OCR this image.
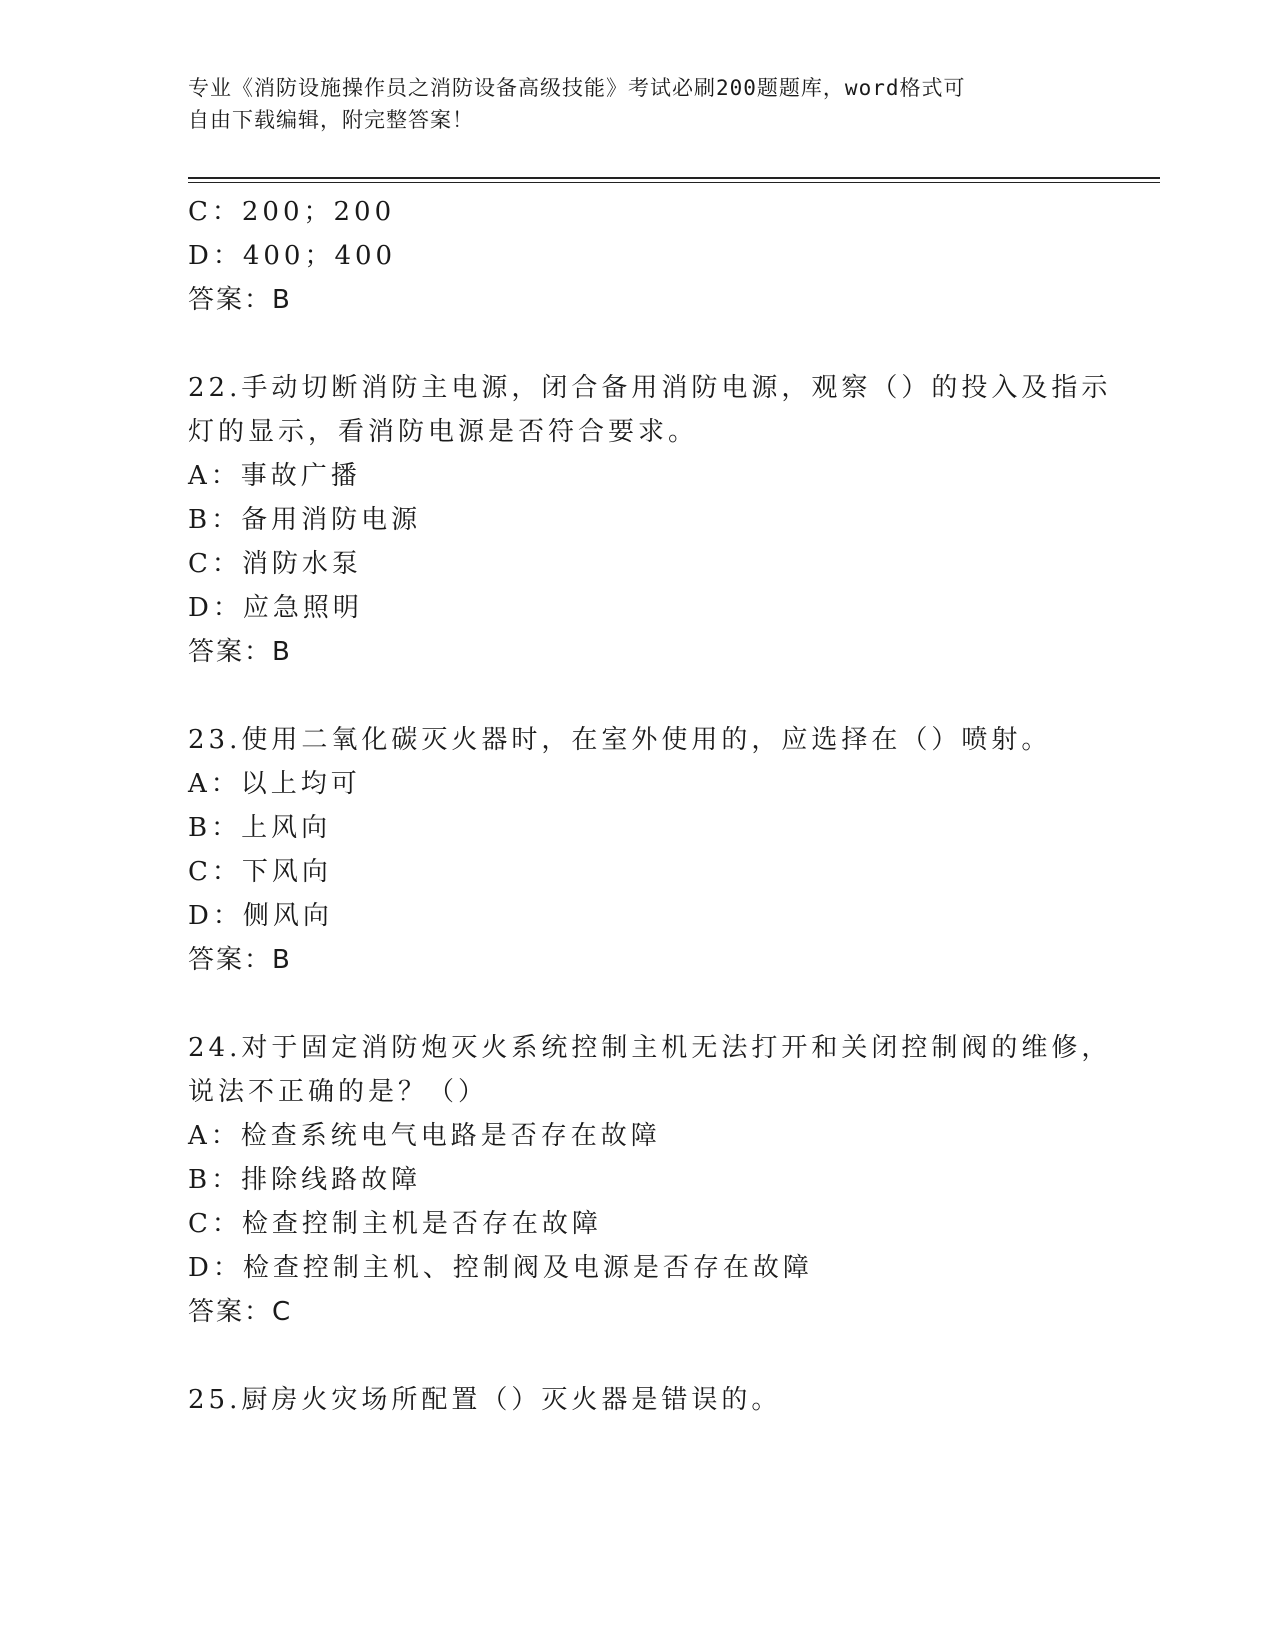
专业《消防设施操作员之消防设备高级技能》考试必刷200题题库，word格式可
自由下载编辑，附完整答案！
C：200；200
D：400；400
答案：B
22.手动切断消防主电源，闭合备用消防电源，观察（）的投入及指示
灯的显示，看消防电源是否符合要求。
A：事故广播
B：备用消防电源
C：消防水泵
D：应急照明
答案：B
23.使用二氧化碳灭火器时，在室外使用的，应选择在（）喷射。
A：以上均可
B：上风向
C：下风向
D：侧风向
答案：B
24.对于固定消防炮灭火系统控制主机无法打开和关闭控制阀的维修，
说法不正确的是？（）
A：检查系统电气电路是否存在故障
B：排除线路故障
C：检查控制主机是否存在故障
D：检查控制主机、控制阀及电源是否存在故障
答案：C
25.厨房火灾场所配置（）灭火器是错误的。
